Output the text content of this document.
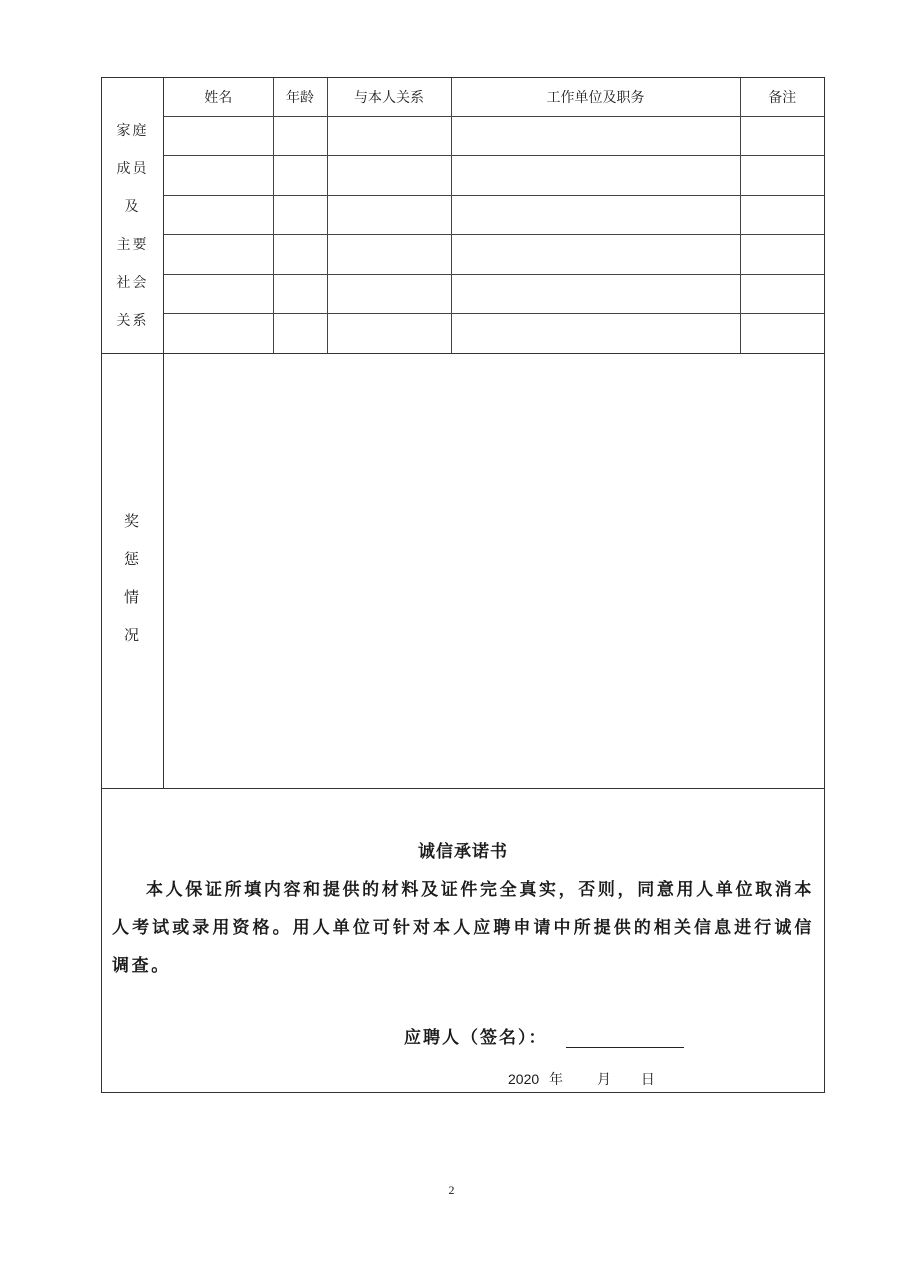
家庭
成员
及
主要
社会
关系
姓名	年龄	与本人关系	工作单位及职务	备注

奖
惩
情
况
诚信承诺书
本人保证所填内容和提供的材料及证件完全真实，否则，同意用人单位取消本人考试或录用资格。用人单位可针对本人应聘申请中所提供的相关信息进行诚信调查。
应聘人（签名）：
2020 年 月 日
2
